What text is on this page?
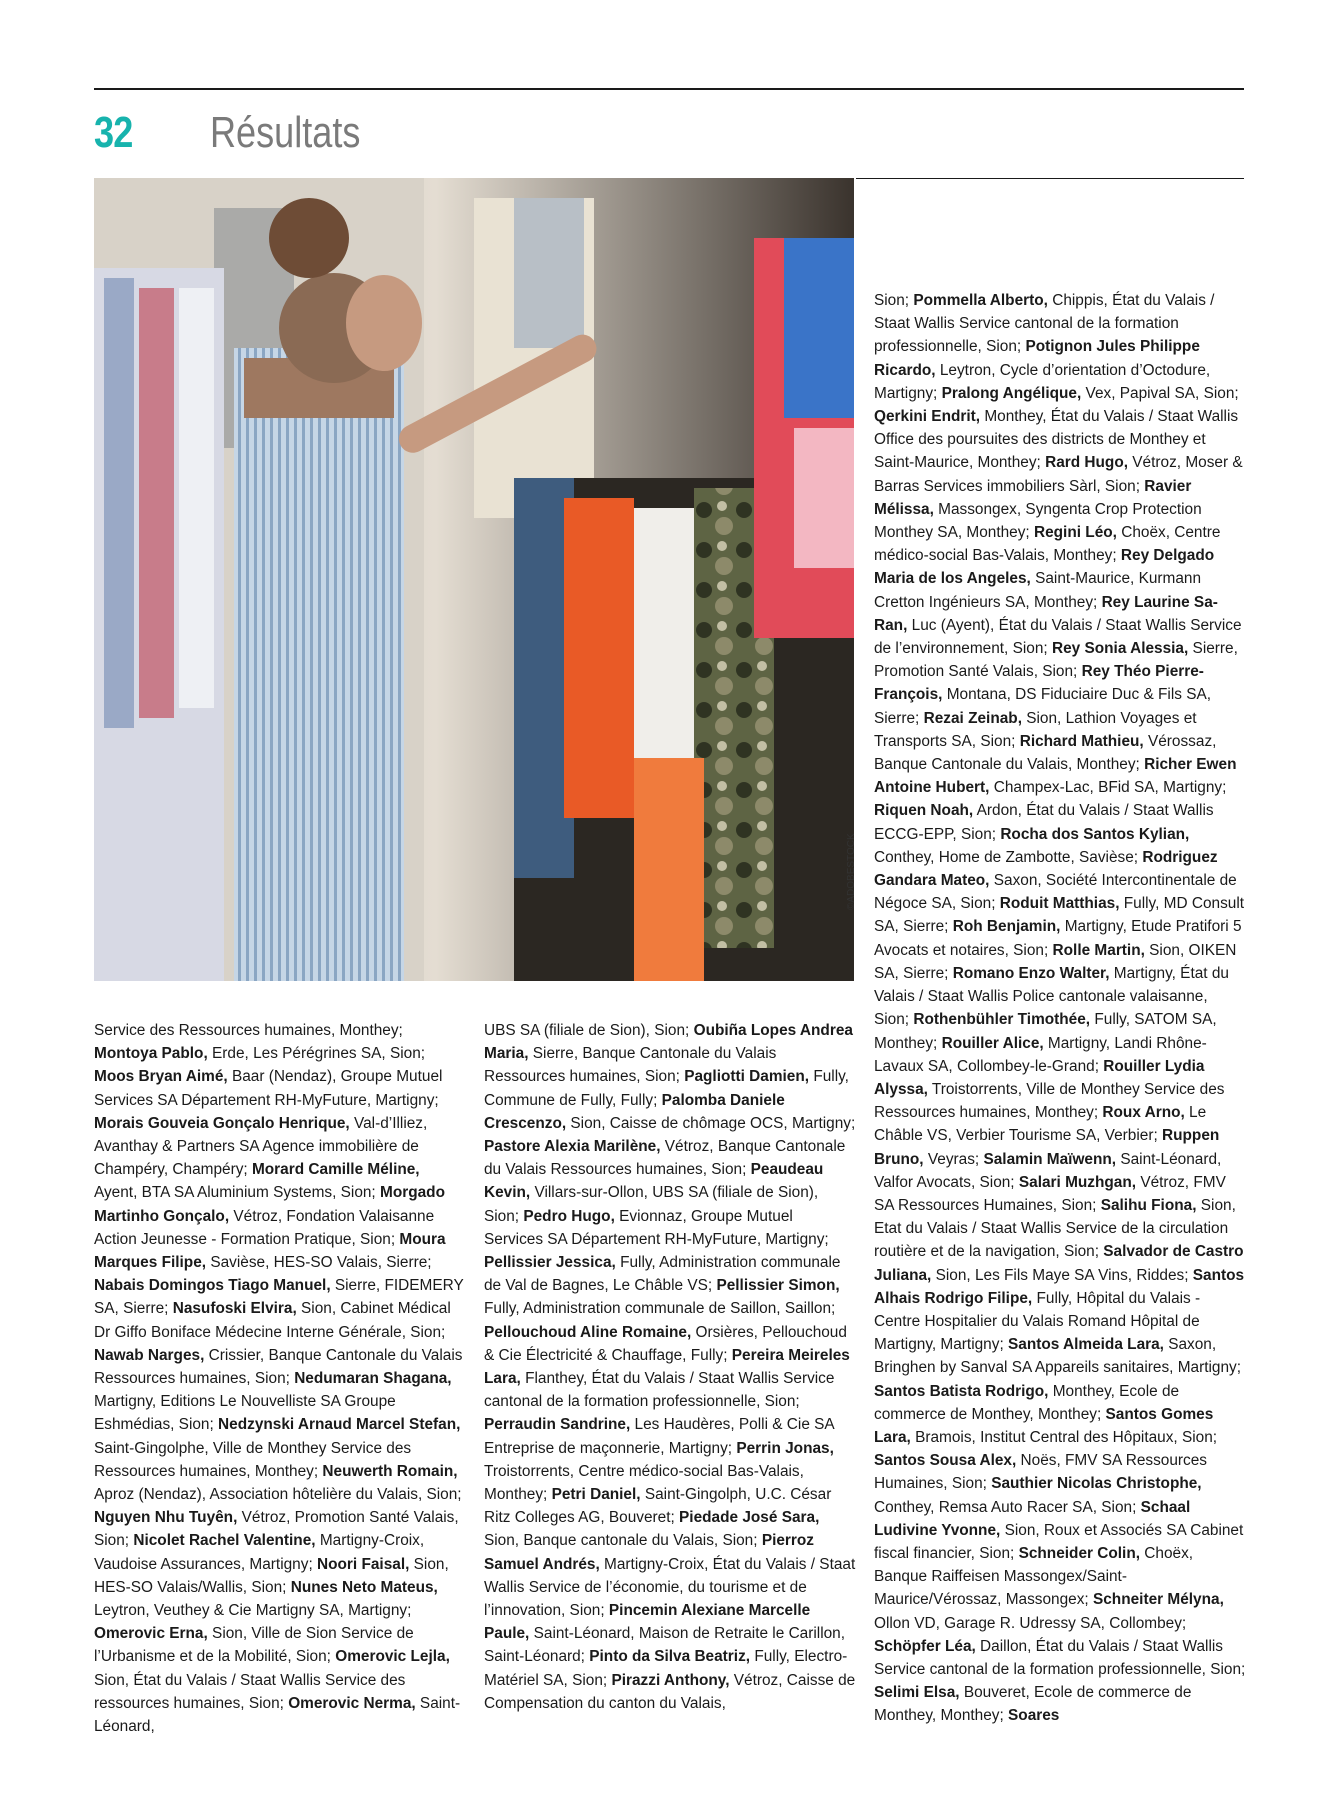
32 Résultats
©ADOBESTOCK
Service des Ressources humaines, Monthey; Montoya Pablo, Erde, Les Pérégrines SA, Sion; Moos Bryan Aimé, Baar (Nendaz), Groupe Mutuel Services SA Département RH-MyFuture, Martigny; Morais Gouveia Gonçalo Henrique, Val-d’Illiez, Avanthay & Partners SA Agence immobilière de Champéry, Champéry; Morard Camille Méline, Ayent, BTA SA Aluminium Systems, Sion; Morgado Martinho Gonçalo, Vétroz, Fondation Valaisanne Action Jeunesse - Formation Pratique, Sion; Moura Marques Filipe, Savièse, HES-SO Valais, Sierre; Nabais Domingos Tiago Manuel, Sierre, FIDEMERY SA, Sierre; Nasufoski Elvira, Sion, Cabinet Médical Dr Giffo Boniface Médecine Interne Générale, Sion; Nawab Narges, Crissier, Banque Cantonale du Valais Ressources humaines, Sion; Nedumaran Shagana, Martigny, Editions Le Nouvelliste SA Groupe Eshmédias, Sion; Nedzynski Arnaud Marcel Stefan, Saint-Gingolphe, Ville de Monthey Service des Ressources humaines, Monthey; Neuwerth Romain, Aproz (Nendaz), Association hôtelière du Valais, Sion; Nguyen Nhu Tuyên, Vétroz, Promotion Santé Valais, Sion; Nicolet Rachel Valentine, Martigny-Croix, Vaudoise Assurances, Martigny; Noori Faisal, Sion, HES-SO Valais/Wallis, Sion; Nunes Neto Mateus, Leytron, Veuthey & Cie Martigny SA, Martigny; Omerovic Erna, Sion, Ville de Sion Service de l’Urbanisme et de la Mobilité, Sion; Omerovic Lejla, Sion, État du Valais / Staat Wallis Service des ressources humaines, Sion; Omerovic Nerma, Saint-Léonard,
UBS SA (filiale de Sion), Sion; Oubiña Lopes Andrea Maria, Sierre, Banque Cantonale du Valais Ressources humaines, Sion; Pagliotti Damien, Fully, Commune de Fully, Fully; Palomba Daniele Crescenzo, Sion, Caisse de chômage OCS, Martigny; Pastore Alexia Marilène, Vétroz, Banque Cantonale du Valais Ressources humaines, Sion; Peaudeau Kevin, Villars-sur-Ollon, UBS SA (filiale de Sion), Sion; Pedro Hugo, Evionnaz, Groupe Mutuel Services SA Département RH-MyFuture, Martigny; Pellissier Jessica, Fully, Administration communale de Val de Bagnes, Le Châble VS; Pellissier Simon, Fully, Administration communale de Saillon, Saillon; Pellouchoud Aline Romaine, Orsières, Pellouchoud & Cie Électricité & Chauffage, Fully; Pereira Meireles Lara, Flanthey, État du Valais / Staat Wallis Service cantonal de la formation professionnelle, Sion; Perraudin Sandrine, Les Haudères, Polli & Cie SA Entreprise de maçonnerie, Martigny; Perrin Jonas, Troistorrents, Centre médico-social Bas-Valais, Monthey; Petri Daniel, Saint-Gingolph, U.C. César Ritz Colleges AG, Bouveret; Piedade José Sara, Sion, Banque cantonale du Valais, Sion; Pierroz Samuel Andrés, Martigny-Croix, État du Valais / Staat Wallis Service de l’économie, du tourisme et de l’innovation, Sion; Pincemin Alexiane Marcelle Paule, Saint-Léonard, Maison de Retraite le Carillon, Saint-Léonard; Pinto da Silva Beatriz, Fully, Electro-Matériel SA, Sion; Pirazzi Anthony, Vétroz, Caisse de Compensation du canton du Valais,
Sion; Pommella Alberto, Chippis, État du Valais / Staat Wallis Service cantonal de la formation professionnelle, Sion; Potignon Jules Philippe Ricardo, Leytron, Cycle d’orientation d’Octodure, Martigny; Pralong Angélique, Vex, Papival SA, Sion; Qerkini Endrit, Monthey, État du Valais / Staat Wallis Office des poursuites des districts de Monthey et Saint-Maurice, Monthey; Rard Hugo, Vétroz, Moser & Barras Services immobiliers Sàrl, Sion; Ravier Mélissa, Massongex, Syngenta Crop Protection Monthey SA, Monthey; Regini Léo, Choëx, Centre médico-social Bas-Valais, Monthey; Rey Delgado Maria de los Angeles, Saint-Maurice, Kurmann Cretton Ingénieurs SA, Monthey; Rey Laurine Sa-Ran, Luc (Ayent), État du Valais / Staat Wallis Service de l’environnement, Sion; Rey Sonia Alessia, Sierre, Promotion Santé Valais, Sion; Rey Théo Pierre-François, Montana, DS Fiduciaire Duc & Fils SA, Sierre; Rezai Zeinab, Sion, Lathion Voyages et Transports SA, Sion; Richard Mathieu, Vérossaz, Banque Cantonale du Valais, Monthey; Richer Ewen Antoine Hubert, Champex-Lac, BFid SA, Martigny; Riquen Noah, Ardon, État du Valais / Staat Wallis ECCG-EPP, Sion; Rocha dos Santos Kylian, Conthey, Home de Zambotte, Savièse; Rodriguez Gandara Mateo, Saxon, Société Intercontinentale de Négoce SA, Sion; Roduit Matthias, Fully, MD Consult SA, Sierre; Roh Benjamin, Martigny, Etude Pratifori 5 Avocats et notaires, Sion; Rolle Martin, Sion, OIKEN SA, Sierre; Romano Enzo Walter, Martigny, État du Valais / Staat Wallis Police cantonale valaisanne, Sion; Rothenbühler Timothée, Fully, SATOM SA, Monthey; Rouiller Alice, Martigny, Landi Rhône-Lavaux SA, Collombey-le-Grand; Rouiller Lydia Alyssa, Troistorrents, Ville de Monthey Service des Ressources humaines, Monthey; Roux Arno, Le Châble VS, Verbier Tourisme SA, Verbier; Ruppen Bruno, Veyras; Salamin Maïwenn, Saint-Léonard, Valfor Avocats, Sion; Salari Muzhgan, Vétroz, FMV SA Ressources Humaines, Sion; Salihu Fiona, Sion, Etat du Valais / Staat Wallis Service de la circulation routière et de la navigation, Sion; Salvador de Castro Juliana, Sion, Les Fils Maye SA Vins, Riddes; Santos Alhais Rodrigo Filipe, Fully, Hôpital du Valais - Centre Hospitalier du Valais Romand Hôpital de Martigny, Martigny; Santos Almeida Lara, Saxon, Bringhen by Sanval SA Appareils sanitaires, Martigny; Santos Batista Rodrigo, Monthey, Ecole de commerce de Monthey, Monthey; Santos Gomes Lara, Bramois, Institut Central des Hôpitaux, Sion; Santos Sousa Alex, Noës, FMV SA Ressources Humaines, Sion; Sauthier Nicolas Christophe, Conthey, Remsa Auto Racer SA, Sion; Schaal Ludivine Yvonne, Sion, Roux et Associés SA Cabinet fiscal financier, Sion; Schneider Colin, Choëx, Banque Raiffeisen Massongex/Saint-Maurice/Vérossaz, Massongex; Schneiter Mélyna, Ollon VD, Garage R. Udressy SA, Collombey; Schöpfer Léa, Daillon, État du Valais / Staat Wallis Service cantonal de la formation professionnelle, Sion; Selimi Elsa, Bouveret, Ecole de commerce de Monthey, Monthey; Soares
